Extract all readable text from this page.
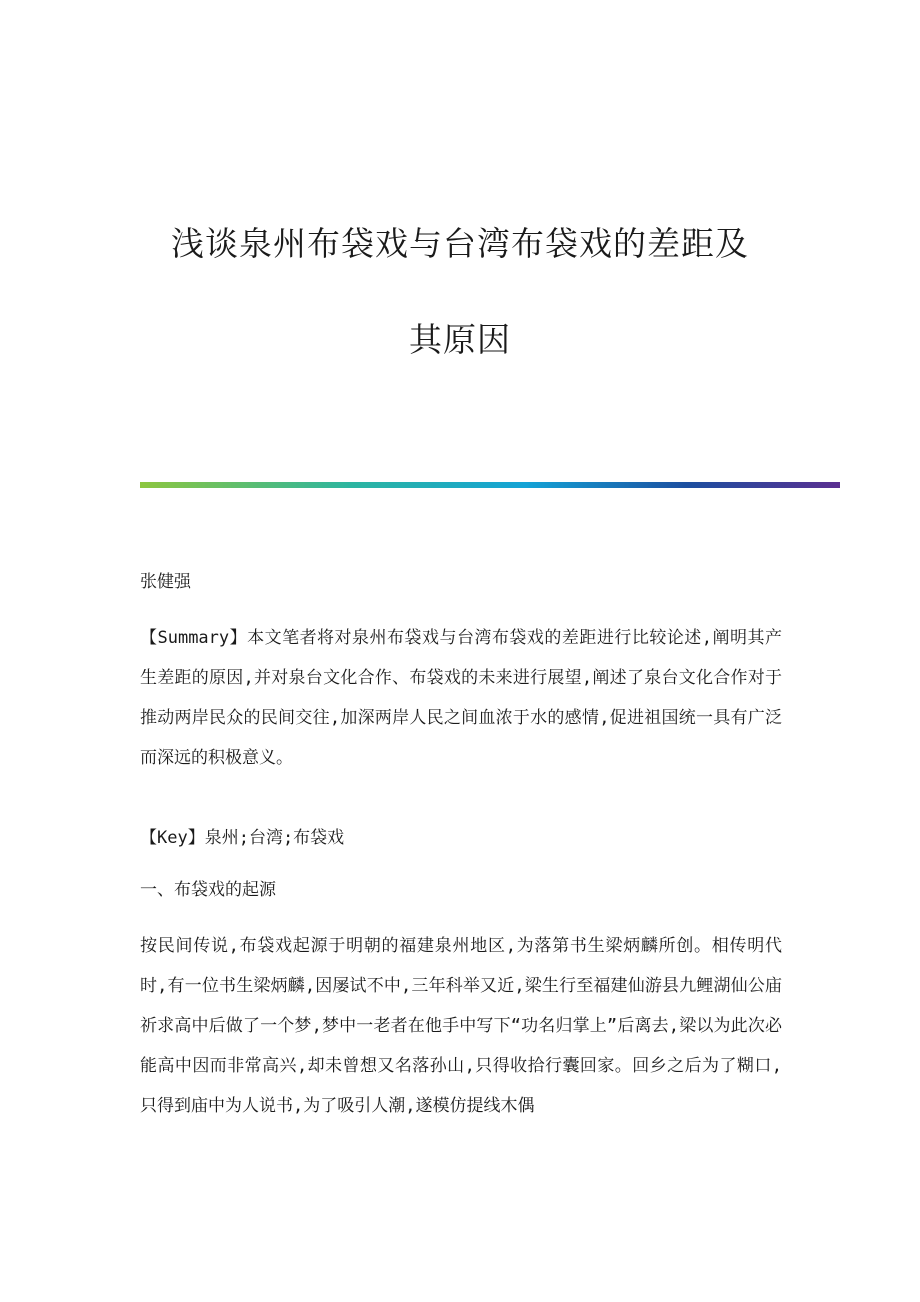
浅谈泉州布袋戏与台湾布袋戏的差距及
其原因

张健强

【Summary】本文笔者将对泉州布袋戏与台湾布袋戏的差距进行比较论述,阐明其产生差距的原因,并对泉台文化合作、布袋戏的未来进行展望,阐述了泉台文化合作对于推动两岸民众的民间交往,加深两岸人民之间血浓于水的感情,促进祖国统一具有广泛而深远的积极意义。

【Key】泉州;台湾;布袋戏

一、布袋戏的起源

按民间传说,布袋戏起源于明朝的福建泉州地区,为落第书生梁炳麟所创。相传明代时,有一位书生梁炳麟,因屡试不中,三年科举又近,梁生行至福建仙游县九鲤湖仙公庙祈求高中后做了一个梦,梦中一老者在他手中写下“功名归掌上”后离去,梁以为此次必能高中因而非常高兴,却未曾想又名落孙山,只得收拾行囊回家。回乡之后为了糊口,只得到庙中为人说书,为了吸引人潮,遂模仿提线木偶
